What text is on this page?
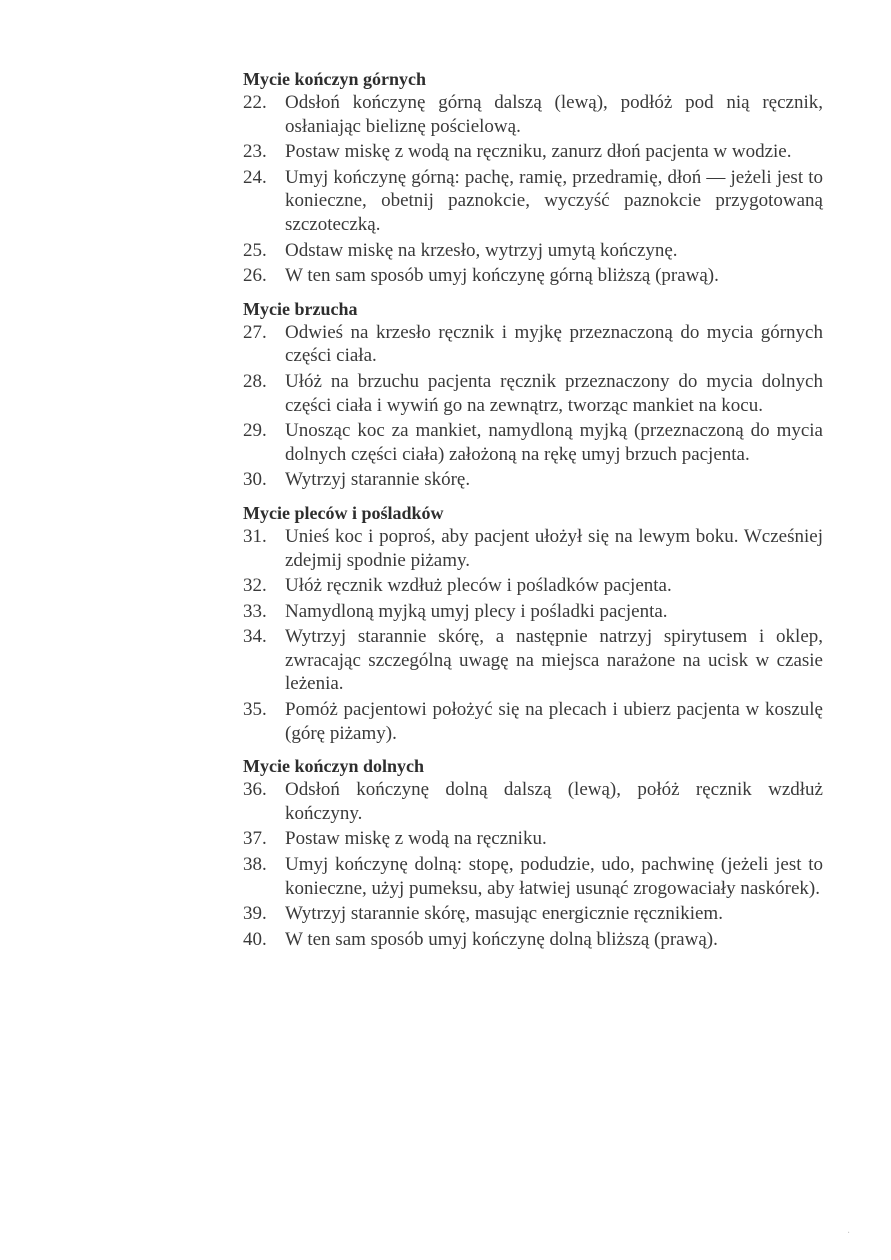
Mycie kończyn górnych
22. Odsłoń kończynę górną dalszą (lewą), podłóż pod nią ręcznik, osłaniając bieliznę pościelową.
23. Postaw miskę z wodą na ręczniku, zanurz dłoń pacjenta w wodzie.
24. Umyj kończynę górną: pachę, ramię, przedramię, dłoń — jeżeli jest to konieczne, obetnij paznokcie, wyczyść paznokcie przygotowaną szczoteczką.
25. Odstaw miskę na krzesło, wytrzyj umytą kończynę.
26. W ten sam sposób umyj kończynę górną bliższą (prawą).
Mycie brzucha
27. Odwieś na krzesło ręcznik i myjkę przeznaczoną do mycia górnych części ciała.
28. Ułóż na brzuchu pacjenta ręcznik przeznaczony do mycia dolnych części ciała i wywiń go na zewnątrz, tworząc mankiet na kocu.
29. Unosząc koc za mankiet, namydloną myjką (przeznaczoną do mycia dolnych części ciała) założoną na rękę umyj brzuch pacjenta.
30. Wytrzyj starannie skórę.
Mycie pleców i pośladków
31. Unieś koc i poproś, aby pacjent ułożył się na lewym boku. Wcześniej zdejmij spodnie piżamy.
32. Ułóż ręcznik wzdłuż pleców i pośladków pacjenta.
33. Namydloną myjką umyj plecy i pośladki pacjenta.
34. Wytrzyj starannie skórę, a następnie natrzyj spirytusem i oklep, zwracając szczególną uwagę na miejsca narażone na ucisk w czasie leżenia.
35. Pomóż pacjentowi położyć się na plecach i ubierz pacjenta w koszulę (górę piżamy).
Mycie kończyn dolnych
36. Odsłoń kończynę dolną dalszą (lewą), połóż ręcznik wzdłuż kończyny.
37. Postaw miskę z wodą na ręczniku.
38. Umyj kończynę dolną: stopę, podudzie, udo, pachwinę (jeżeli jest to konieczne, użyj pumeksu, aby łatwiej usunąć zrogowaciały naskórek).
39. Wytrzyj starannie skórę, masując energicznie ręcznikiem.
40. W ten sam sposób umyj kończynę dolną bliższą (prawą).
·
